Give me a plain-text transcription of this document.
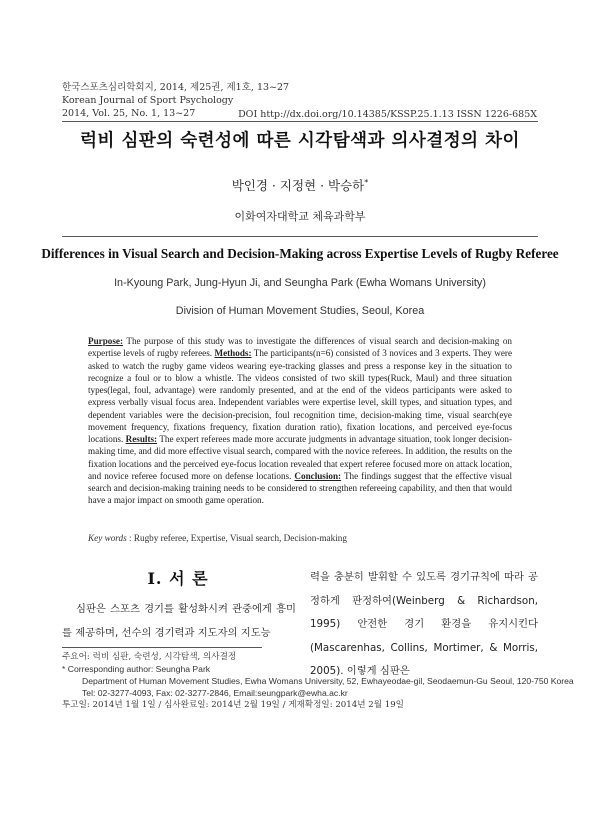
한국스포츠심리학회지, 2014, 제25권, 제1호, 13~27
Korean Journal of Sport Psychology
2014, Vol. 25, No. 1, 13~27	DOI http://dx.doi.org/10.14385/KSSP.25.1.13 ISSN 1226-685X
럭비 심판의 숙련성에 따른 시각탐색과 의사결정의 차이
박인경 · 지정현 · 박승하*
이화여자대학교 체육과학부
Differences in Visual Search and Decision-Making across Expertise Levels of Rugby Referee
In-Kyoung Park, Jung-Hyun Ji, and Seungha Park (Ewha Womans University)
Division of Human Movement Studies, Seoul, Korea
Purpose: The purpose of this study was to investigate the differences of visual search and decision-making on expertise levels of rugby referees. Methods: The participants(n=6) consisted of 3 novices and 3 experts. They were asked to watch the rugby game videos wearing eye-tracking glasses and press a response key in the situation to recognize a foul or to blow a whistle. The videos consisted of two skill types(Ruck, Maul) and three situation types(legal, foul, advantage) were randomly presented, and at the end of the videos participants were asked to express verbally visual focus area. Independent variables were expertise level, skill types, and situation types, and dependent variables were the decision-precision, foul recognition time, decision-making time, visual search(eye movement frequency, fixations frequency, fixation duration ratio), fixation locations, and perceived eye-focus locations. Results: The expert referees made more accurate judgments in advantage situation, took longer decision-making time, and did more effective visual search, compared with the novice referees. In addition, the results on the fixation locations and the perceived eye-focus location revealed that expert referee focused more on attack location, and novice referee focused more on defense locations. Conclusion: The findings suggest that the effective visual search and decision-making training needs to be considered to strengthen refereeing capability, and then that would have a major impact on smooth game operation.
Key words : Rugby referee, Expertise, Visual search, Decision-making
I. 서 론
심판은 스포츠 경기를 활성화시켜 관중에게 흥미를 제공하며, 선수의 경기력과 지도자의 지도능
력을 충분히 발휘할 수 있도록 경기규칙에 따라 공정하게 판정하여(Weinberg & Richardson, 1995) 안전한 경기 환경을 유지시킨다(Mascarenhas, Collins, Mortimer, & Morris, 2005). 이렇게 심판은
주요어: 럭비 심판, 숙련성, 시각탐색, 의사결정
* Corresponding author: Seungha Park
Department of Human Movement Studies, Ewha Womans University, 52, Ewhayeodae-gil, Seodaemun-Gu Seoul, 120-750 Korea
Tel: 02-3277-4093, Fax: 02-3277-2846, Email:seungpark@ewha.ac.kr
투고일: 2014년 1월 1일 / 심사완료일: 2014년 2월 19일 / 게재확정일: 2014년 2월 19일
